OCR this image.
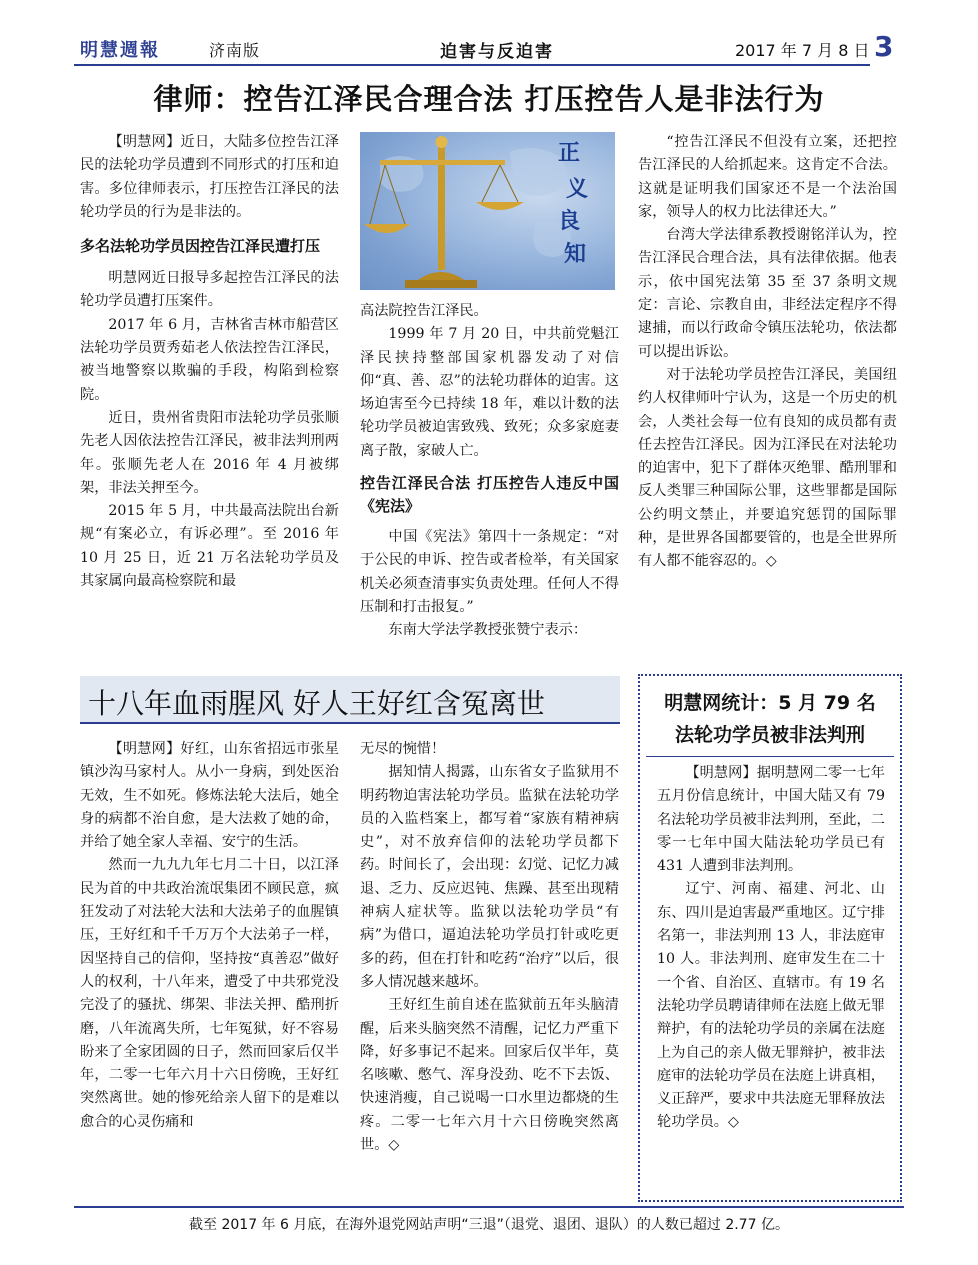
明慧週報	济南版	迫害与反迫害	2017 年 7 月 8 日 3
律师：控告江泽民合理合法 打压控告人是非法行为
正
义
良
知

【明慧网】近日，大陆多位控告江泽民的法轮功学员遭到不同形式的打压和迫害。多位律师表示，打压控告江泽民的法轮功学员的行为是非法的。

多名法轮功学员因控告江泽民遭打压

明慧网近日报导多起控告江泽民的法轮功学员遭打压案件。

2017 年 6 月，吉林省吉林市船营区法轮功学员贾秀茹老人依法控告江泽民，被当地警察以欺骗的手段，构陷到检察院。

近日，贵州省贵阳市法轮功学员张顺先老人因依法控告江泽民，被非法判刑两年。张顺先老人在 2016 年 4 月被绑架，非法关押至今。

2015 年 5 月，中共最高法院出台新规“有案必立，有诉必理”。至 2016 年 10 月 25 日，近 21 万名法轮功学员及其家属向最高检察院和最

高法院控告江泽民。

1999 年 7 月 20 日，中共前党魁江泽民挟持整部国家机器发动了对信仰“真、善、忍”的法轮功群体的迫害。这场迫害至今已持续 18 年，难以计数的法轮功学员被迫害致残、致死；众多家庭妻离子散，家破人亡。

控告江泽民合法 打压控告人违反中国《宪法》

中国《宪法》第四十一条规定：“对于公民的申诉、控告或者检举，有关国家机关必须查清事实负责处理。任何人不得压制和打击报复。”

东南大学法学教授张赞宁表示：

“控告江泽民不但没有立案，还把控告江泽民的人给抓起来。这肯定不合法。这就是证明我们国家还不是一个法治国家，领导人的权力比法律还大。”

台湾大学法律系教授谢铭洋认为，控告江泽民合理合法，具有法律依据。他表示，依中国宪法第 35 至 37 条明文规定：言论、宗教自由，非经法定程序不得逮捕，而以行政命令镇压法轮功，依法都可以提出诉讼。

对于法轮功学员控告江泽民，美国纽约人权律师叶宁认为，这是一个历史的机会，人类社会每一位有良知的成员都有责任去控告江泽民。因为江泽民在对法轮功的迫害中，犯下了群体灭绝罪、酷刑罪和反人类罪三种国际公罪，这些罪都是国际公约明文禁止，并要追究惩罚的国际罪种，是世界各国都要管的，也是全世界所有人都不能容忍的。◇

十八年血雨腥风 好人王好红含冤离世

【明慧网】好红，山东省招远市张星镇沙沟马家村人。从小一身病，到处医治无效，生不如死。修炼法轮大法后，她全身的病都不治自愈，是大法救了她的命，并给了她全家人幸福、安宁的生活。

然而一九九九年七月二十日，以江泽民为首的中共政治流氓集团不顾民意，疯狂发动了对法轮大法和大法弟子的血腥镇压，王好红和千千万万个大法弟子一样，因坚持自己的信仰，坚持按“真善忍”做好人的权利，十八年来，遭受了中共邪党没完没了的骚扰、绑架、非法关押、酷刑折磨，八年流离失所，七年冤狱，好不容易盼来了全家团圆的日子，然而回家后仅半年，二零一七年六月十六日傍晚，王好红突然离世。她的惨死给亲人留下的是难以愈合的心灵伤痛和

无尽的惋惜！

据知情人揭露，山东省女子监狱用不明药物迫害法轮功学员。监狱在法轮功学员的入监档案上，都写着“家族有精神病史”，对不放弃信仰的法轮功学员都下药。时间长了，会出现：幻觉、记忆力减退、乏力、反应迟钝、焦躁、甚至出现精神病人症状等。监狱以法轮功学员“有病”为借口，逼迫法轮功学员打针或吃更多的药，但在打针和吃药“治疗”以后，很多人情况越来越坏。

王好红生前自述在监狱前五年头脑清醒，后来头脑突然不清醒，记忆力严重下降，好多事记不起来。回家后仅半年，莫名咳嗽、憋气、浑身没劲、吃不下去饭、快速消瘦，自己说喝一口水里边都烧的生疼。二零一七年六月十六日傍晚突然离世。◇

明慧网统计：5 月 79 名
法轮功学员被非法判刑

【明慧网】据明慧网二零一七年五月份信息统计，中国大陆又有 79 名法轮功学员被非法判刑，至此，二零一七年中国大陆法轮功学员已有 431 人遭到非法判刑。

辽宁、河南、福建、河北、山东、四川是迫害最严重地区。辽宁排名第一，非法判刑 13 人，非法庭审 10 人。非法判刑、庭审发生在二十一个省、自治区、直辖市。有 19 名法轮功学员聘请律师在法庭上做无罪辩护，有的法轮功学员的亲属在法庭上为自己的亲人做无罪辩护，被非法庭审的法轮功学员在法庭上讲真相，义正辞严，要求中共法庭无罪释放法轮功学员。◇

截至 2017 年 6 月底，在海外退党网站声明“三退”（退党、退团、退队）的人数已超过 2.77 亿。
